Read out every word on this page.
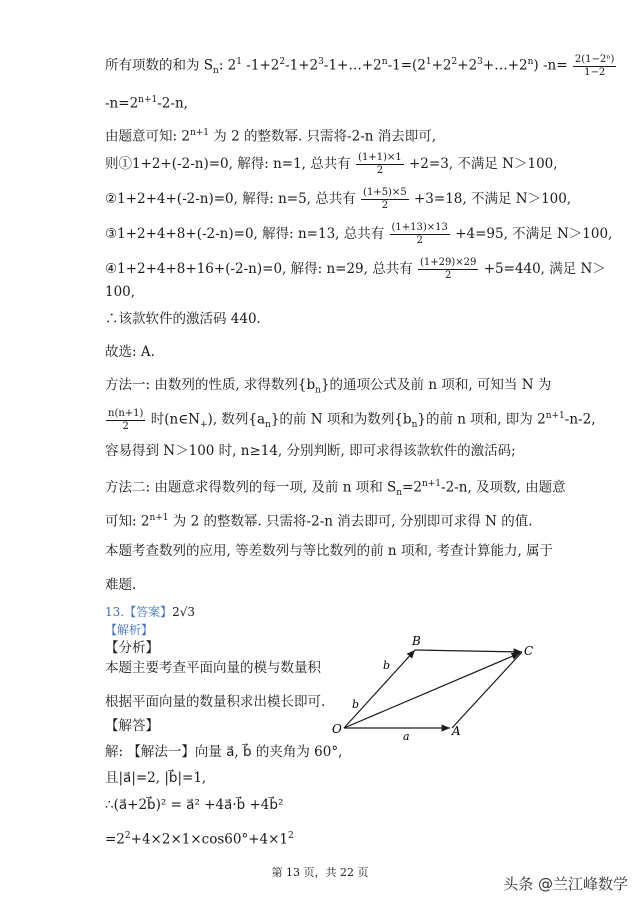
所有项数的和为 $S_n$: $2^1$ $-1+2^2-1+2^3-1+\dots+2^n-1=(2^1+2^2+2^3+\dots+2^n)$ $-n= \frac{\text{2(1−2ⁿ)}}{1-2}$
$-n=2^{n+1}-2-n$,
由题意可知: $2^{n+1}$ 为 2 的整数幂. 只需将-2-n 消去即可,
则①1+2+(-2-n)=0, 解得: n=1, 总共有 $\frac{(1+1)\times 1}{2} +2=3$, 不满足 N＞100,
②1+2+4+(-2-n)=0, 解得: n=5, 总共有 $\frac{(1+5)\times 5}{2} +3=18$, 不满足 N＞100,
③1+2+4+8+(-2-n)=0, 解得: n=13, 总共有 $\frac{(1+13)\times 13}{2} +4=95$, 不满足 N＞100,
④1+2+4+8+16+(-2-n)=0, 解得: n=29, 总共有 $\frac{(1+29)\times 29}{2} +5=440$, 满足 N＞
100,
∴该款软件的激活码 440.
故选: A.
方法一: 由数列的性质, 求得数列$\{b_n\}$的通项公式及前 n 项和, 可知当 N 为
$\frac{n(n+1)}{2}$ 时$(n\in N_+)$, 数列$\{a_n\}$的前 N 项和为数列$\{b_n\}$的前 n 项和, 即为 $2^{n+1}-n-2$,
容易得到 N＞100 时, n≥14, 分别判断, 即可求得该款软件的激活码;
方法二: 由题意求得数列的每一项, 及前 n 项和 $S_n=2^{n+1}-2-n$, 及项数, 由题意
可知: $2^{n+1}$ 为 2 的整数幂. 只需将-2-n 消去即可, 分别即可求得 N 的值.
本题考查数列的应用, 等差数列与等比数列的前 n 项和, 考查计算能力, 属于
难题.
13.【答案】2√3
【解析】
【分析】
本题主要考查平面向量的模与数量积
根据平面向量的数量积求出模长即可.
【解答】
解: 【解法一】向量 a⃗, b⃗ 的夹角为 60°,
且|a⃗|=2, |b⃗|=1,
∴(a⃗+2b⃗)² = a⃗² +4a⃗·b⃗ +4b⃗²
$=2^2+4\times 2\times 1\times\cos 60^\circ+4\times 1^2$
B
C
O	A
b
b
a
第 13 页，共 22 页
头条 @兰江峰数学
